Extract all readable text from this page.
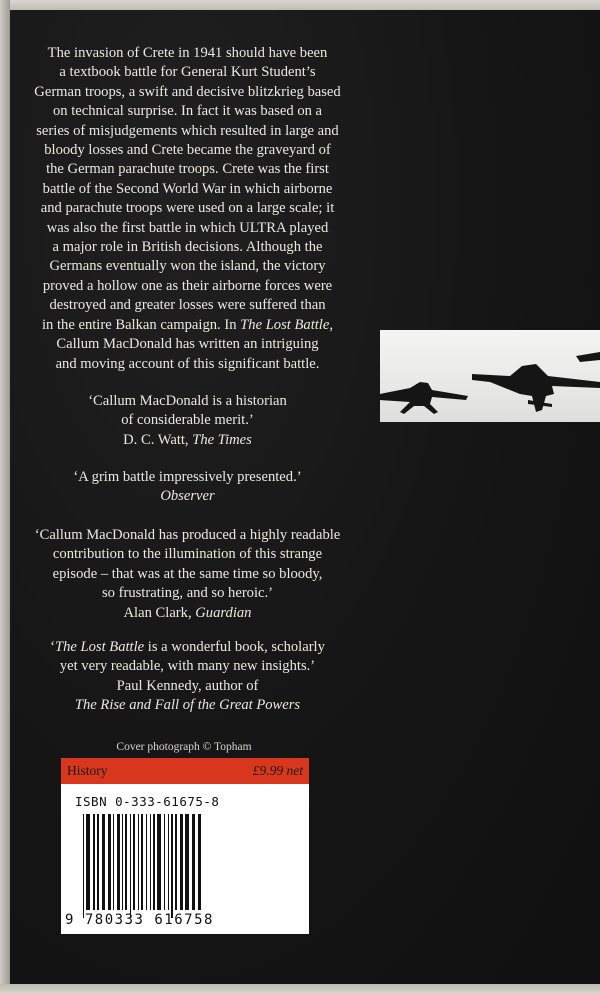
The invasion of Crete in 1941 should have been

a textbook battle for General Kurt Student’s

German troops, a swift and decisive blitzkrieg based

on technical surprise. In fact it was based on a

series of misjudgements which resulted in large and

bloody losses and Crete became the graveyard of

the German parachute troops. Crete was the first

battle of the Second World War in which airborne

and parachute troops were used on a large scale; it

was also the first battle in which ULTRA played

a major role in British decisions. Although the

Germans eventually won the island, the victory

proved a hollow one as their airborne forces were

destroyed and greater losses were suffered than

in the entire Balkan campaign. In The Lost Battle,

Callum MacDonald has written an intriguing

and moving account of this significant battle.

‘Callum MacDonald is a historian
of considerable merit.’
D. C. Watt, The Times
‘A grim battle impressively presented.’
Observer
‘Callum MacDonald has produced a highly readable
contribution to the illumination of this strange
episode – that was at the same time so bloody,
so frustrating, and so heroic.’
Alan Clark, Guardian
‘The Lost Battle is a wonderful book, scholarly
yet very readable, with many new insights.’
Paul Kennedy, author of
The Rise and Fall of the Great Powers
Cover photograph © Topham
History	£9.99 net
ISBN 0-333-61675-8
9 780333 616758
